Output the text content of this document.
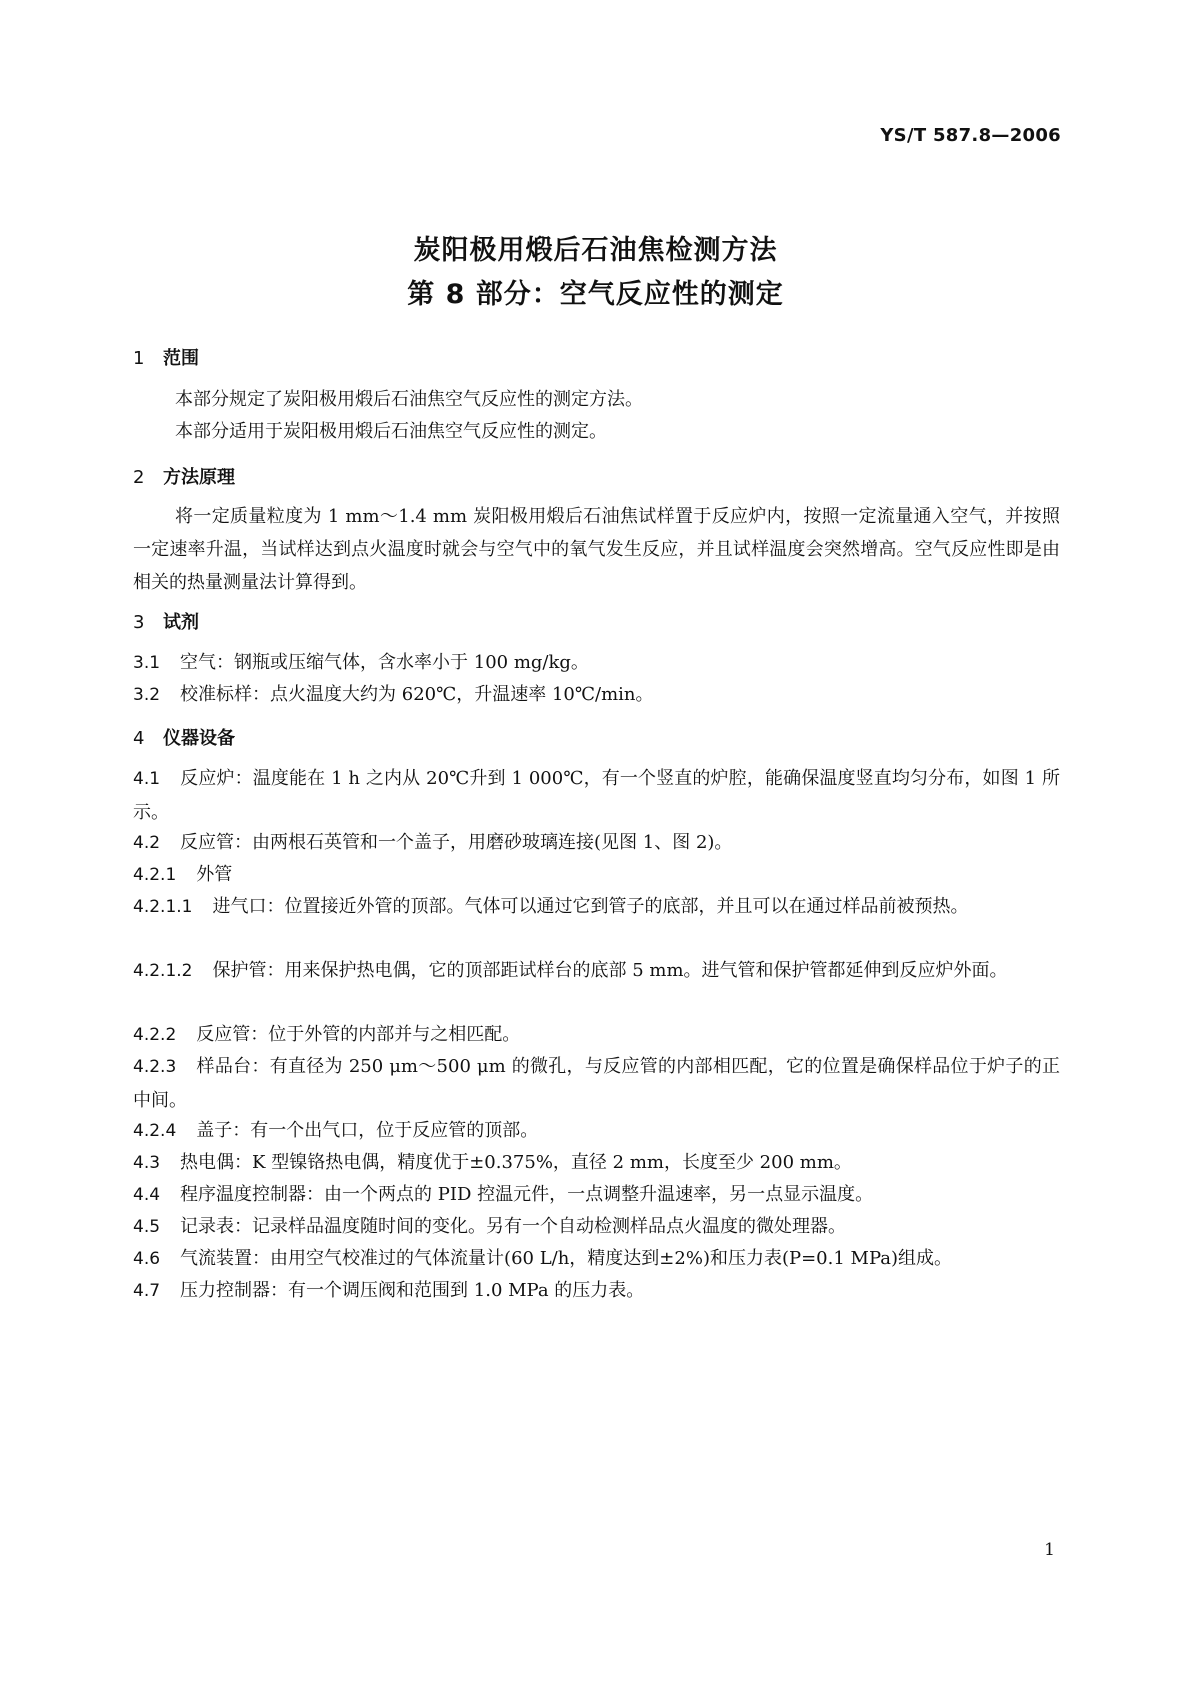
YS/T 587.8—2006
炭阳极用煅后石油焦检测方法
第 8 部分：空气反应性的测定
1 范围
本部分规定了炭阳极用煅后石油焦空气反应性的测定方法。
本部分适用于炭阳极用煅后石油焦空气反应性的测定。
2 方法原理
将一定质量粒度为 1 mm～1.4 mm 炭阳极用煅后石油焦试样置于反应炉内，按照一定流量通入空气，并按照一定速率升温，当试样达到点火温度时就会与空气中的氧气发生反应，并且试样温度会突然增高。空气反应性即是由相关的热量测量法计算得到。
3 试剂
3.1 空气：钢瓶或压缩气体，含水率小于 100 mg/kg。
3.2 校准标样：点火温度大约为 620℃，升温速率 10℃/min。
4 仪器设备
4.1 反应炉：温度能在 1 h 之内从 20℃升到 1 000℃，有一个竖直的炉腔，能确保温度竖直均匀分布，如图 1 所示。
4.2 反应管：由两根石英管和一个盖子，用磨砂玻璃连接(见图 1、图 2)。
4.2.1 外管
4.2.1.1 进气口：位置接近外管的顶部。气体可以通过它到管子的底部，并且可以在通过样品前被预热。
4.2.1.2 保护管：用来保护热电偶，它的顶部距试样台的底部 5 mm。进气管和保护管都延伸到反应炉外面。
4.2.2 反应管：位于外管的内部并与之相匹配。
4.2.3 样品台：有直径为 250 μm～500 μm 的微孔，与反应管的内部相匹配，它的位置是确保样品位于炉子的正中间。
4.2.4 盖子：有一个出气口，位于反应管的顶部。
4.3 热电偶：K 型镍铬热电偶，精度优于±0.375%，直径 2 mm，长度至少 200 mm。
4.4 程序温度控制器：由一个两点的 PID 控温元件，一点调整升温速率，另一点显示温度。
4.5 记录表：记录样品温度随时间的变化。另有一个自动检测样品点火温度的微处理器。
4.6 气流装置：由用空气校准过的气体流量计(60 L/h，精度达到±2%)和压力表(P=0.1 MPa)组成。
4.7 压力控制器：有一个调压阀和范围到 1.0 MPa 的压力表。
1
